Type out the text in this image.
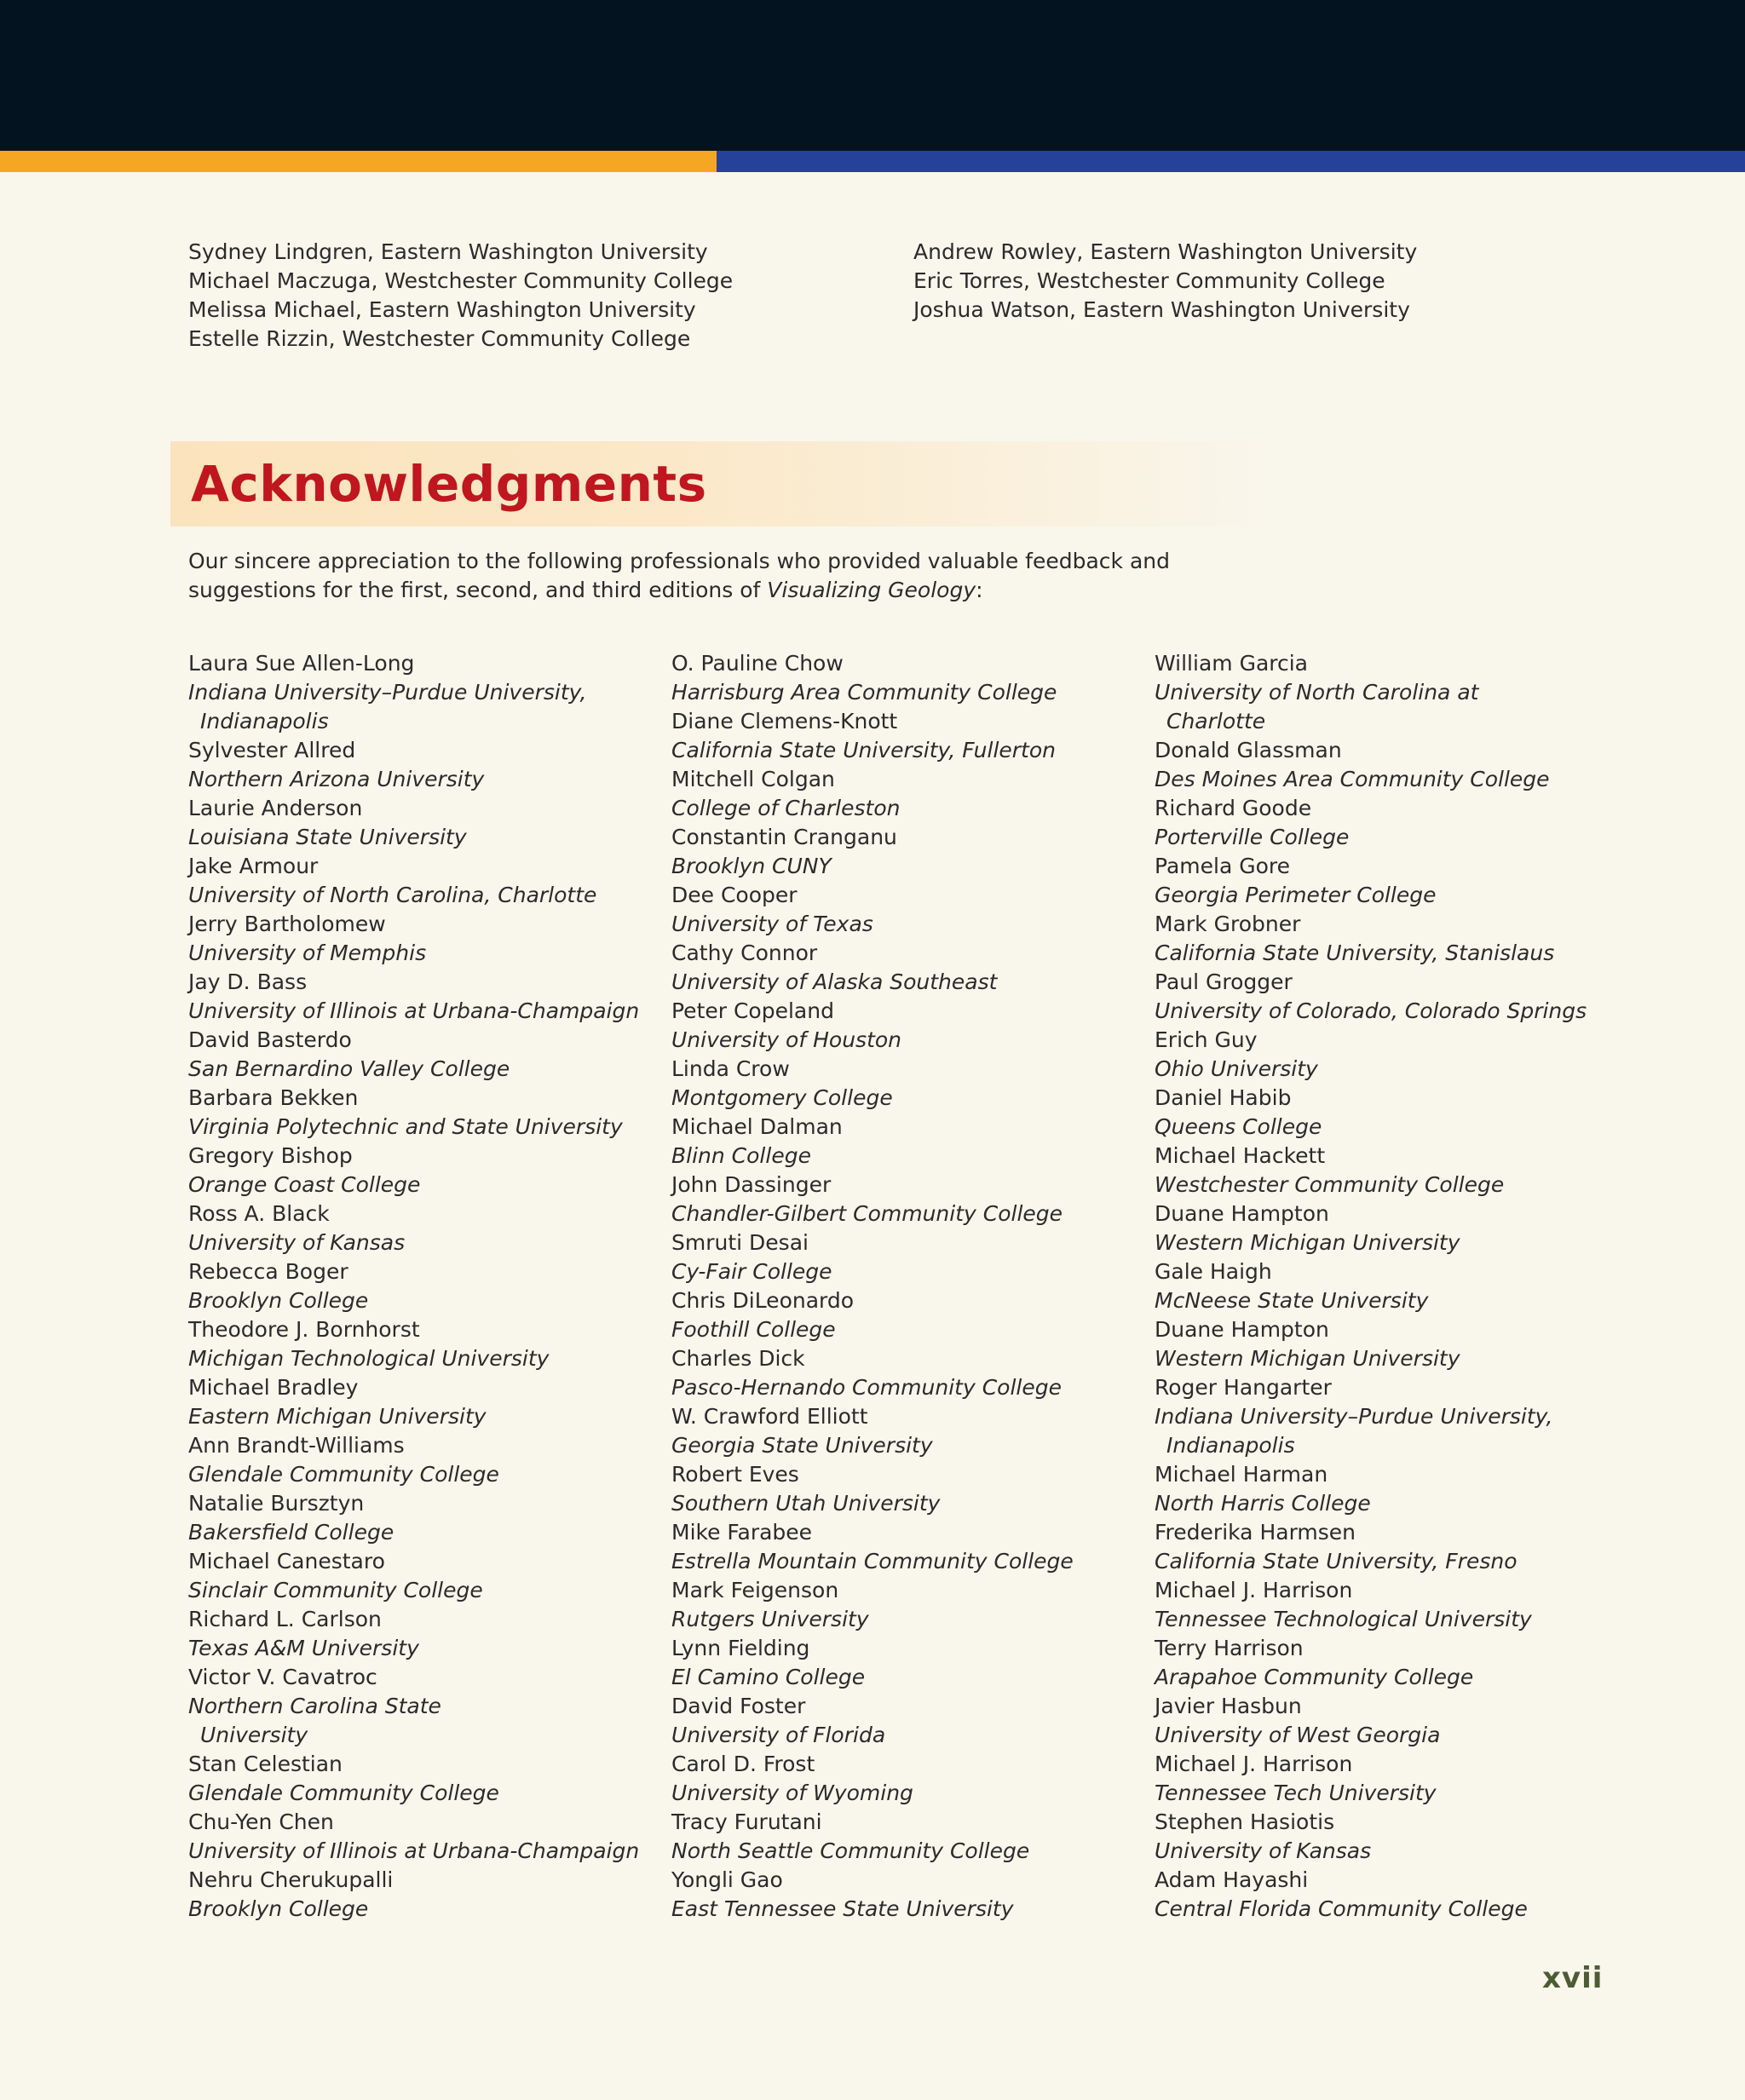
Sydney Lindgren, Eastern Washington University
Michael Maczuga, Westchester Community College
Melissa Michael, Eastern Washington University
Estelle Rizzin, Westchester Community College
Andrew Rowley, Eastern Washington University
Eric Torres, Westchester Community College
Joshua Watson, Eastern Washington University
Acknowledgments

Our sincere appreciation to the following professionals who provided valuable feedback and suggestions for the first, second, and third editions of Visualizing Geology:

Laura Sue Allen-Long
Indiana University–Purdue University,
Indianapolis
Sylvester Allred
Northern Arizona University
Laurie Anderson
Louisiana State University
Jake Armour
University of North Carolina, Charlotte
Jerry Bartholomew
University of Memphis
Jay D. Bass
University of Illinois at Urbana-Champaign
David Basterdo
San Bernardino Valley College
Barbara Bekken
Virginia Polytechnic and State University
Gregory Bishop
Orange Coast College
Ross A. Black
University of Kansas
Rebecca Boger
Brooklyn College
Theodore J. Bornhorst
Michigan Technological University
Michael Bradley
Eastern Michigan University
Ann Brandt-Williams
Glendale Community College
Natalie Bursztyn
Bakersfield College
Michael Canestaro
Sinclair Community College
Richard L. Carlson
Texas A&M University
Victor V. Cavatroc
Northern Carolina State
University
Stan Celestian
Glendale Community College
Chu-Yen Chen
University of Illinois at Urbana-Champaign
Nehru Cherukupalli
Brooklyn College
O. Pauline Chow
Harrisburg Area Community College
Diane Clemens-Knott
California State University, Fullerton
Mitchell Colgan
College of Charleston
Constantin Cranganu
Brooklyn CUNY
Dee Cooper
University of Texas
Cathy Connor
University of Alaska Southeast
Peter Copeland
University of Houston
Linda Crow
Montgomery College
Michael Dalman
Blinn College
John Dassinger
Chandler-Gilbert Community College
Smruti Desai
Cy-Fair College
Chris DiLeonardo
Foothill College
Charles Dick
Pasco-Hernando Community College
W. Crawford Elliott
Georgia State University
Robert Eves
Southern Utah University
Mike Farabee
Estrella Mountain Community College
Mark Feigenson
Rutgers University
Lynn Fielding
El Camino College
David Foster
University of Florida
Carol D. Frost
University of Wyoming
Tracy Furutani
North Seattle Community College
Yongli Gao
East Tennessee State University
William Garcia
University of North Carolina at
Charlotte
Donald Glassman
Des Moines Area Community College
Richard Goode
Porterville College
Pamela Gore
Georgia Perimeter College
Mark Grobner
California State University, Stanislaus
Paul Grogger
University of Colorado, Colorado Springs
Erich Guy
Ohio University
Daniel Habib
Queens College
Michael Hackett
Westchester Community College
Duane Hampton
Western Michigan University
Gale Haigh
McNeese State University
Duane Hampton
Western Michigan University
Roger Hangarter
Indiana University–Purdue University,
Indianapolis
Michael Harman
North Harris College
Frederika Harmsen
California State University, Fresno
Michael J. Harrison
Tennessee Technological University
Terry Harrison
Arapahoe Community College
Javier Hasbun
University of West Georgia
Michael J. Harrison
Tennessee Tech University
Stephen Hasiotis
University of Kansas
Adam Hayashi
Central Florida Community College
xvii
